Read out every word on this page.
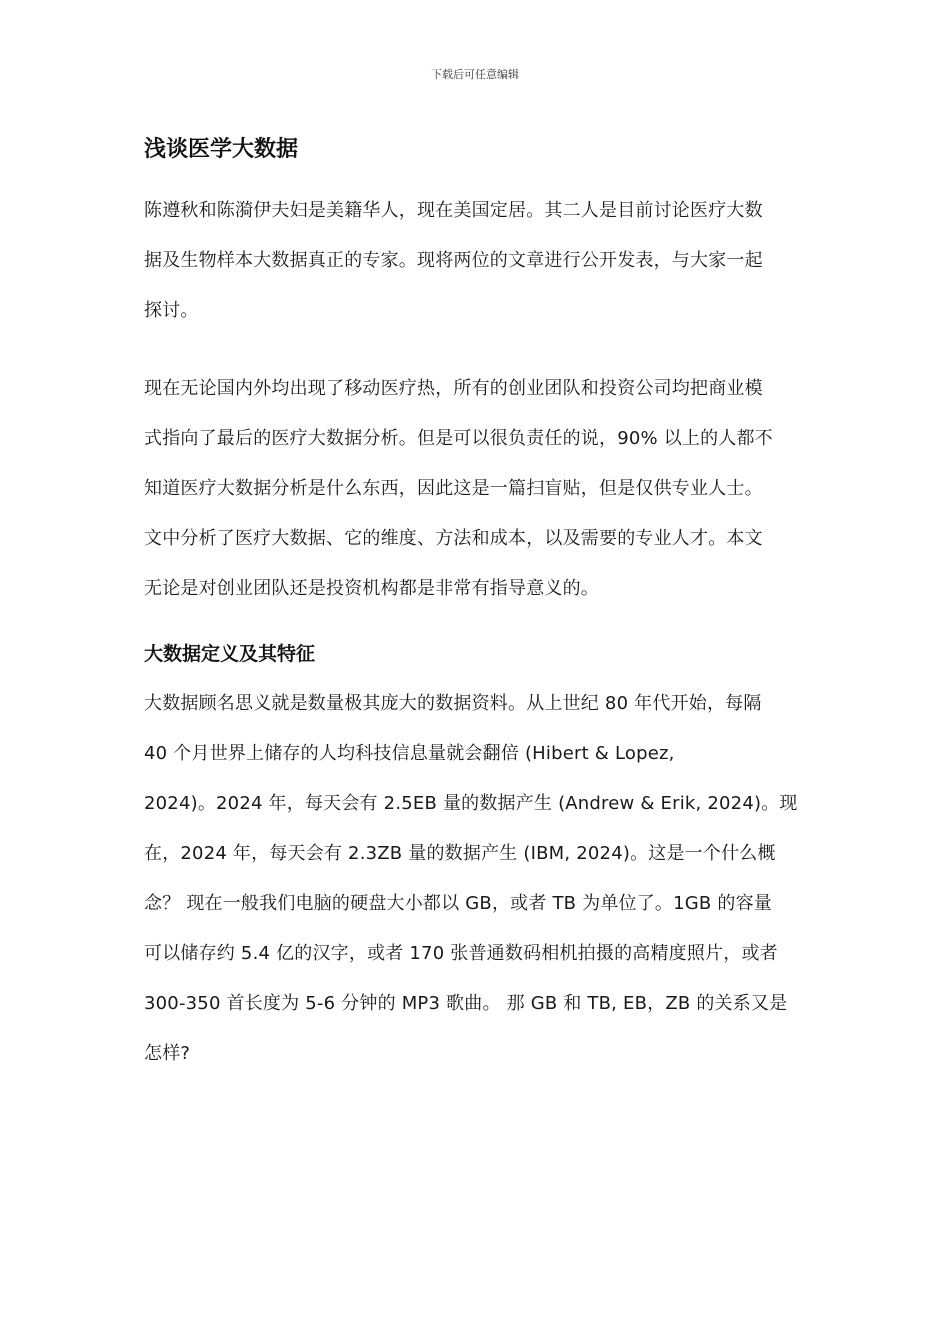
下载后可任意编辑
浅谈医学大数据

陈遵秋和陈漪伊夫妇是美籍华人，现在美国定居。其二人是目前讨论医疗大数
据及生物样本大数据真正的专家。现将两位的文章进行公开发表，与大家一起
探讨。

现在无论国内外均出现了移动医疗热，所有的创业团队和投资公司均把商业模
式指向了最后的医疗大数据分析。但是可以很负责任的说，90% 以上的人都不
知道医疗大数据分析是什么东西，因此这是一篇扫盲贴，但是仅供专业人士。
文中分析了医疗大数据、它的维度、方法和成本，以及需要的专业人才。本文
无论是对创业团队还是投资机构都是非常有指导意义的。

大数据定义及其特征

大数据顾名思义就是数量极其庞大的数据资料。从上世纪 80 年代开始，每隔
40 个月世界上储存的人均科技信息量就会翻倍 (Hibert & Lopez,
2024)。2024 年，每天会有 2.5EB 量的数据产生 (Andrew & Erik, 2024)。现
在，2024 年，每天会有 2.3ZB 量的数据产生 (IBM, 2024)。这是一个什么概
念？ 现在一般我们电脑的硬盘大小都以 GB，或者 TB 为单位了。1GB 的容量
可以储存约 5.4 亿的汉字，或者 170 张普通数码相机拍摄的高精度照片，或者
300-350 首长度为 5-6 分钟的 MP3 歌曲。 那 GB 和 TB, EB，ZB 的关系又是
怎样?
